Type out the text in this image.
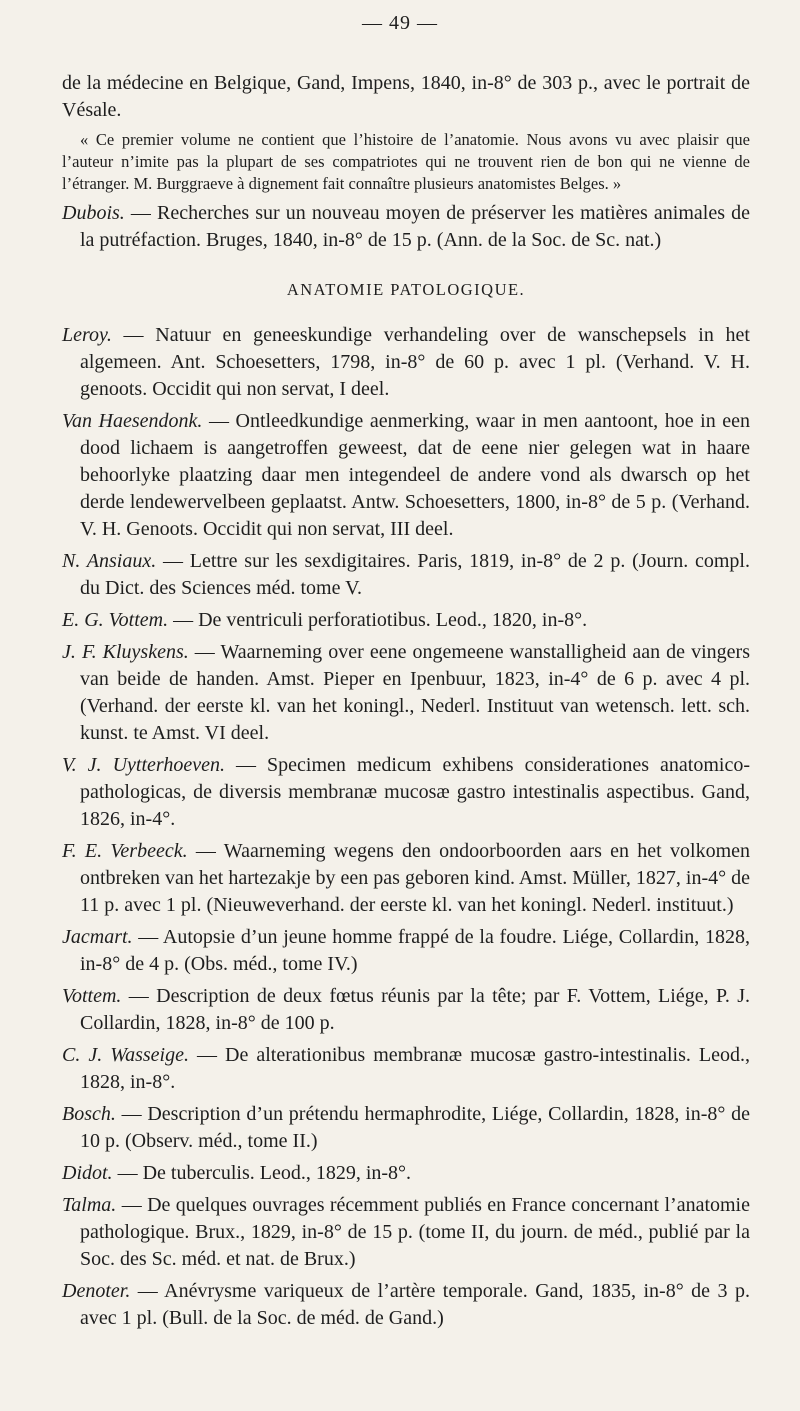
— 49 —

de la médecine en Belgique, Gand, Impens, 1840, in-8° de 303 p., avec le portrait de Vésale.

« Ce premier volume ne contient que l’histoire de l’anatomie. Nous avons vu avec plaisir que l’auteur n’imite pas la plupart de ses compatriotes qui ne trouvent rien de bon qui ne vienne de l’étranger. M. Burggraeve à dignement fait connaître plusieurs anatomistes Belges. »

Dubois. — Recherches sur un nouveau moyen de préserver les matières animales de la putréfaction. Bruges, 1840, in-8° de 15 p. (Ann. de la Soc. de Sc. nat.)

ANATOMIE PATOLOGIQUE.

Leroy. — Natuur en geneeskundige verhandeling over de wanschepsels in het algemeen. Ant. Schoesetters, 1798, in-8° de 60 p. avec 1 pl. (Verhand. V. H. genoots. Occidit qui non servat, I deel.

Van Haesendonk. — Ontleedkundige aenmerking, waar in men aantoont, hoe in een dood lichaem is aangetroffen geweest, dat de eene nier gelegen wat in haare behoorlyke plaatzing daar men integendeel de andere vond als dwarsch op het derde lendewervelbeen geplaatst. Antw. Schoesetters, 1800, in-8° de 5 p. (Verhand. V. H. Genoots. Occidit qui non servat, III deel.

N. Ansiaux. — Lettre sur les sexdigitaires. Paris, 1819, in-8° de 2 p. (Journ. compl. du Dict. des Sciences méd. tome V.

E. G. Vottem. — De ventriculi perforatiotibus. Leod., 1820, in-8°.

J. F. Kluyskens. — Waarneming over eene ongemeene wanstalligheid aan de vingers van beide de handen. Amst. Pieper en Ipenbuur, 1823, in-4° de 6 p. avec 4 pl. (Verhand. der eerste kl. van het koningl., Nederl. Instituut van wetensch. lett. sch. kunst. te Amst. VI deel.

V. J. Uytterhoeven. — Specimen medicum exhibens considerationes anatomico-pathologicas, de diversis membranæ mucosæ gastro intestinalis aspectibus. Gand, 1826, in-4°.

F. E. Verbeeck. — Waarneming wegens den ondoorboorden aars en het volkomen ontbreken van het hartezakje by een pas geboren kind. Amst. Müller, 1827, in-4° de 11 p. avec 1 pl. (Nieuweverhand. der eerste kl. van het koningl. Nederl. instituut.)

Jacmart. — Autopsie d’un jeune homme frappé de la foudre. Liége, Collardin, 1828, in-8° de 4 p. (Obs. méd., tome IV.)

Vottem. — Description de deux fœtus réunis par la tête; par F. Vottem, Liége, P. J. Collardin, 1828, in-8° de 100 p.

C. J. Wasseige. — De alterationibus membranæ mucosæ gastro-intestinalis. Leod., 1828, in-8°.

Bosch. — Description d’un prétendu hermaphrodite, Liége, Collardin, 1828, in-8° de 10 p. (Observ. méd., tome II.)

Didot. — De tuberculis. Leod., 1829, in-8°.

Talma. — De quelques ouvrages récemment publiés en France concernant l’anatomie pathologique. Brux., 1829, in-8° de 15 p. (tome II, du journ. de méd., publié par la Soc. des Sc. méd. et nat. de Brux.)

Denoter. — Anévrysme variqueux de l’artère temporale. Gand, 1835, in-8° de 3 p. avec 1 pl. (Bull. de la Soc. de méd. de Gand.)
